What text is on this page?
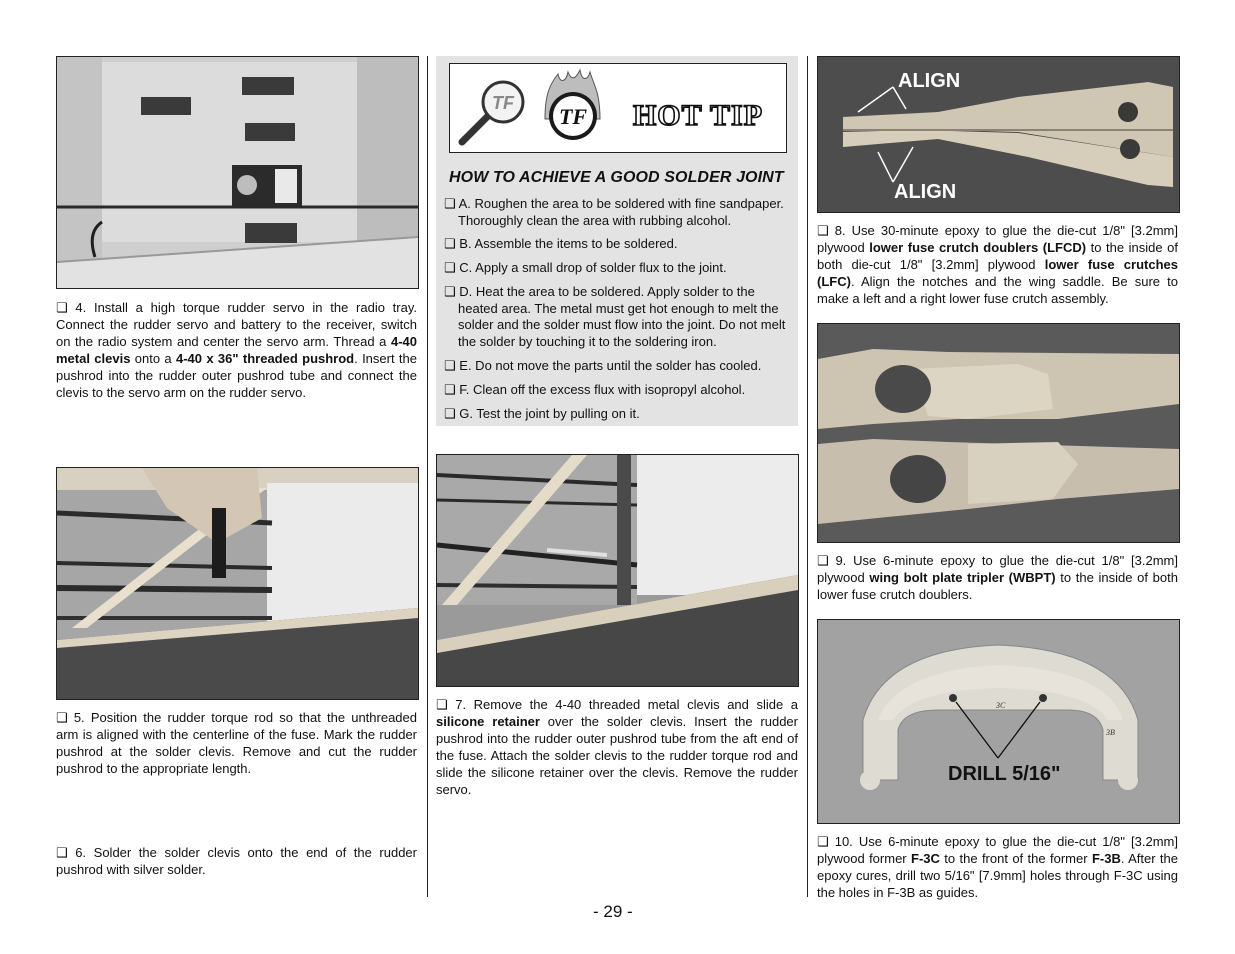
❑ 4. Install a high torque rudder servo in the radio tray. Connect the rudder servo and battery to the receiver, switch on the radio system and center the servo arm. Thread a 4-40 metal clevis onto a 4-40 x 36" threaded pushrod. Insert the pushrod into the rudder outer pushrod tube and connect the clevis to the servo arm on the rudder servo.
❑ 5. Position the rudder torque rod so that the unthreaded arm is aligned with the centerline of the fuse. Mark the rudder pushrod at the solder clevis. Remove and cut the rudder pushrod to the appropriate length.
❑ 6. Solder the solder clevis onto the end of the rudder pushrod with silver solder.
TF
TF HOT TIP
HOW TO ACHIEVE A GOOD SOLDER JOINT
❑ A. Roughen the area to be soldered with fine sandpaper.
Thoroughly clean the area with rubbing alcohol.
❑ B. Assemble the items to be soldered.
❑ C. Apply a small drop of solder flux to the joint.
❑ D. Heat the area to be soldered. Apply solder to the
heated area. The metal must get hot enough to melt the solder and the solder must flow into the joint. Do not melt the solder by touching it to the soldering iron.
❑ E. Do not move the parts until the solder has cooled.
❑ F. Clean off the excess flux with isopropyl alcohol.
❑ G. Test the joint by pulling on it.
❑ 7. Remove the 4-40 threaded metal clevis and slide a silicone retainer over the solder clevis. Insert the rudder pushrod into the rudder outer pushrod tube from the aft end of the fuse. Attach the solder clevis to the rudder torque rod and slide the silicone retainer over the clevis. Remove the rudder servo.
ALIGN
ALIGN
❑ 8. Use 30-minute epoxy to glue the die-cut 1/8" [3.2mm] plywood lower fuse crutch doublers (LFCD) to the inside of both die-cut 1/8" [3.2mm] plywood lower fuse crutches (LFC). Align the notches and the wing saddle. Be sure to make a left and a right lower fuse crutch assembly.
❑ 9. Use 6-minute epoxy to glue the die-cut 1/8" [3.2mm] plywood wing bolt plate tripler (WBPT) to the inside of both lower fuse crutch doublers.
3C
3B
DRILL 5/16"
❑ 10. Use 6-minute epoxy to glue the die-cut 1/8" [3.2mm] plywood former F-3C to the front of the former F-3B. After the epoxy cures, drill two 5/16" [7.9mm] holes through F-3C using the holes in F-3B as guides.
- 29 -
